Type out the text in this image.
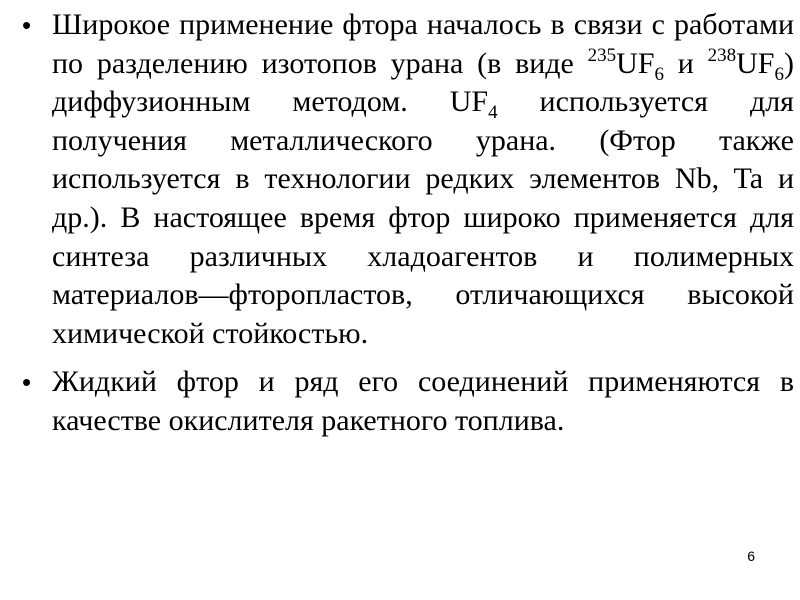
• Широкое применение фтора началось в связи с работами по разделению изотопов урана (в виде $^{235}UF_6$ и $^{238}UF_6$) диффузионным методом. $UF_4$ используется для получения металлического урана. (Фтор также используется в технологии редких элементов Nb, Ta и др.). В настоящее время фтор широко применяется для синтеза различных хладоагентов и полимерных материалов—фторопластов, отличающихся высокой химической стойкостью.
• Жидкий фтор и ряд его соединений применяются в качестве окислителя ракетного топлива.
6
